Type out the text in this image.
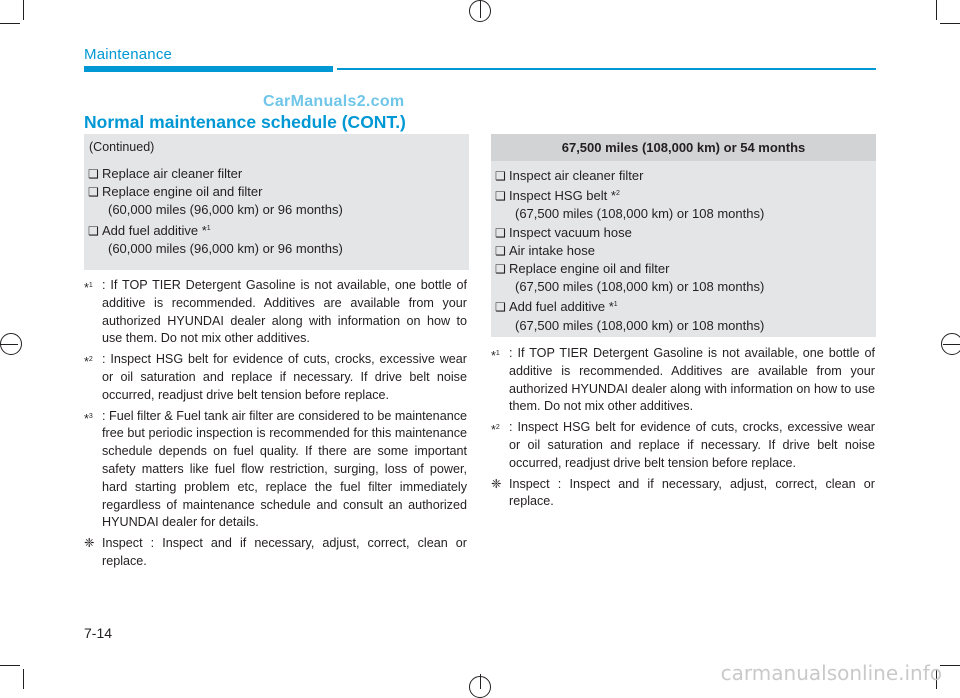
Maintenance
CarManuals2.com
Normal maintenance schedule (CONT.)
(Continued)
❑ Replace air cleaner filter
❑ Replace engine oil and filter
(60,000 miles (96,000 km) or 96 months)
❑ Add fuel additive *$^1$
(60,000 miles (96,000 km) or 96 months)
*$^1$ : If TOP TIER Detergent Gasoline is not available, one bottle of additive is recommended. Additives are available from your authorized HYUNDAI dealer along with information on how to use them. Do not mix other additives.
*$^2$ : Inspect HSG belt for evidence of cuts, crocks, excessive wear or oil saturation and replace if necessary. If drive belt noise occurred, readjust drive belt tension before replace.
*$^3$ : Fuel filter & Fuel tank air filter are considered to be maintenance free but periodic inspection is recommended for this maintenance schedule depends on fuel quality. If there are some important safety matters like fuel flow restriction, surging, loss of power, hard starting problem etc, replace the fuel filter immediately regardless of maintenance schedule and consult an authorized HYUNDAI dealer for details.
❈ Inspect : Inspect and if necessary, adjust, correct, clean or replace.
67,500 miles (108,000 km) or 54 months
❑ Inspect air cleaner filter
❑ Inspect HSG belt *$^2$
(67,500 miles (108,000 km) or 108 months)
❑ Inspect vacuum hose
❑ Air intake hose
❑ Replace engine oil and filter
(67,500 miles (108,000 km) or 108 months)
❑ Add fuel additive *$^1$
(67,500 miles (108,000 km) or 108 months)
*$^1$ : If TOP TIER Detergent Gasoline is not available, one bottle of additive is recommended. Additives are available from your authorized HYUNDAI dealer along with information on how to use them. Do not mix other additives.
*$^2$ : Inspect HSG belt for evidence of cuts, crocks, excessive wear or oil saturation and replace if necessary. If drive belt noise occurred, readjust drive belt tension before replace.
❈ Inspect : Inspect and if necessary, adjust, correct, clean or replace.
7-14
carmanualsonline.info
